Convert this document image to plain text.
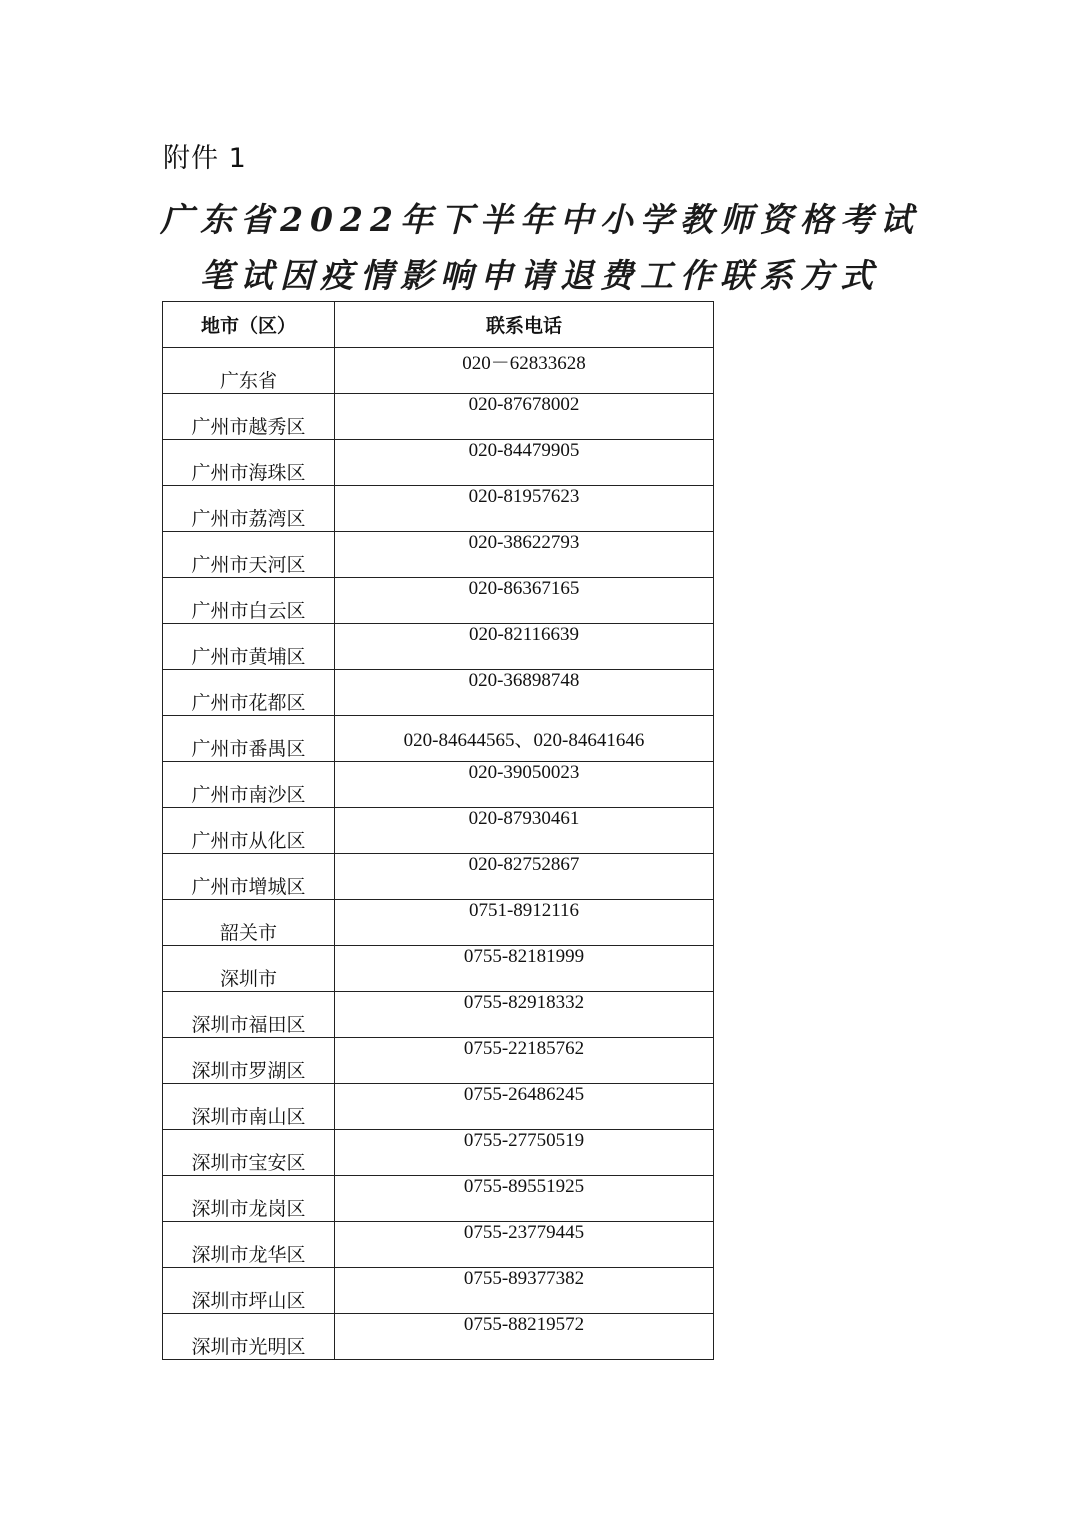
附件 1
广东省2022年下半年中小学教师资格考试
笔试因疫情影响申请退费工作联系方式
地市（区）	联系电话
广东省	020－62833628
广州市越秀区	020-87678002
广州市海珠区	020-84479905
广州市荔湾区	020-81957623
广州市天河区	020-38622793
广州市白云区	020-86367165
广州市黄埔区	020-82116639
广州市花都区	020-36898748
广州市番禺区	020-84644565、020-84641646
广州市南沙区	020-39050023
广州市从化区	020-87930461
广州市增城区	020-82752867
韶关市	0751-8912116
深圳市	0755-82181999
深圳市福田区	0755-82918332
深圳市罗湖区	0755-22185762
深圳市南山区	0755-26486245
深圳市宝安区	0755-27750519
深圳市龙岗区	0755-89551925
深圳市龙华区	0755-23779445
深圳市坪山区	0755-89377382
深圳市光明区	0755-88219572
